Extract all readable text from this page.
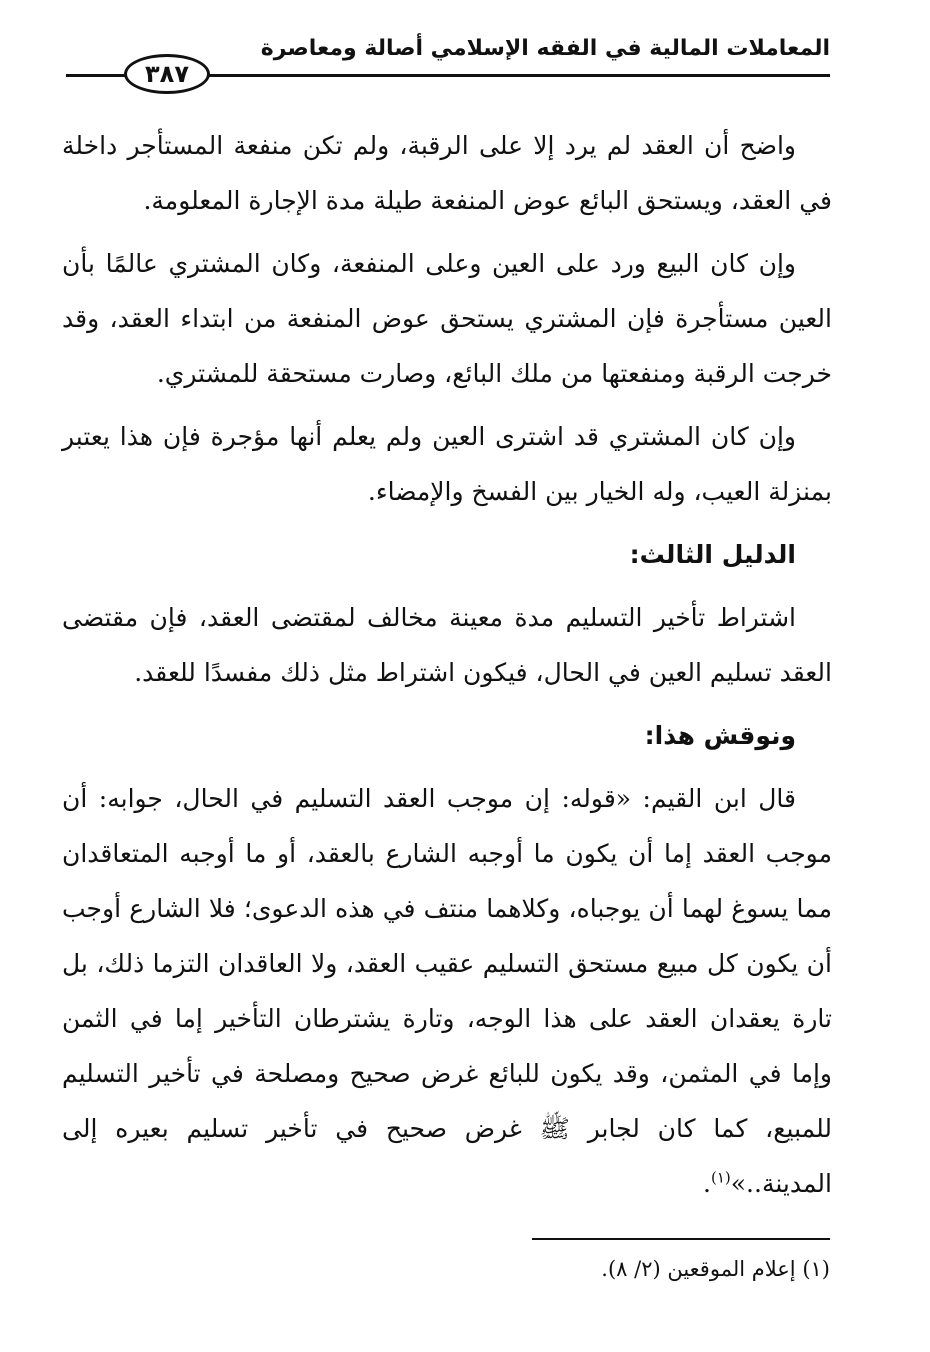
المعاملات المالية في الفقه الإسلامي أصالة ومعاصرة
٣٨٧

واضح أن العقد لم يرد إلا على الرقبة، ولم تكن منفعة المستأجر داخلة في العقد، ويستحق البائع عوض المنفعة طيلة مدة الإجارة المعلومة.

وإن كان البيع ورد على العين وعلى المنفعة، وكان المشتري عالمًا بأن العين مستأجرة فإن المشتري يستحق عوض المنفعة من ابتداء العقد، وقد خرجت الرقبة ومنفعتها من ملك البائع، وصارت مستحقة للمشتري.

وإن كان المشتري قد اشترى العين ولم يعلم أنها مؤجرة فإن هذا يعتبر بمنزلة العيب، وله الخيار بين الفسخ والإمضاء.

الدليل الثالث:

اشتراط تأخير التسليم مدة معينة مخالف لمقتضى العقد، فإن مقتضى العقد تسليم العين في الحال، فيكون اشتراط مثل ذلك مفسدًا للعقد.

ونوقش هذا:

قال ابن القيم: «قوله: إن موجب العقد التسليم في الحال، جوابه: أن موجب العقد إما أن يكون ما أوجبه الشارع بالعقد، أو ما أوجبه المتعاقدان مما يسوغ لهما أن يوجباه، وكلاهما منتف في هذه الدعوى؛ فلا الشارع أوجب أن يكون كل مبيع مستحق التسليم عقيب العقد، ولا العاقدان التزما ذلك، بل تارة يعقدان العقد على هذا الوجه، وتارة يشترطان التأخير إما في الثمن وإما في المثمن، وقد يكون للبائع غرض صحيح ومصلحة في تأخير التسليم للمبيع، كما كان لجابر ﷺ غرض صحيح في تأخير تسليم بعيره إلى المدينة..»$^{(١)}$.

(١) إعلام الموقعين (٢/ ٨).
